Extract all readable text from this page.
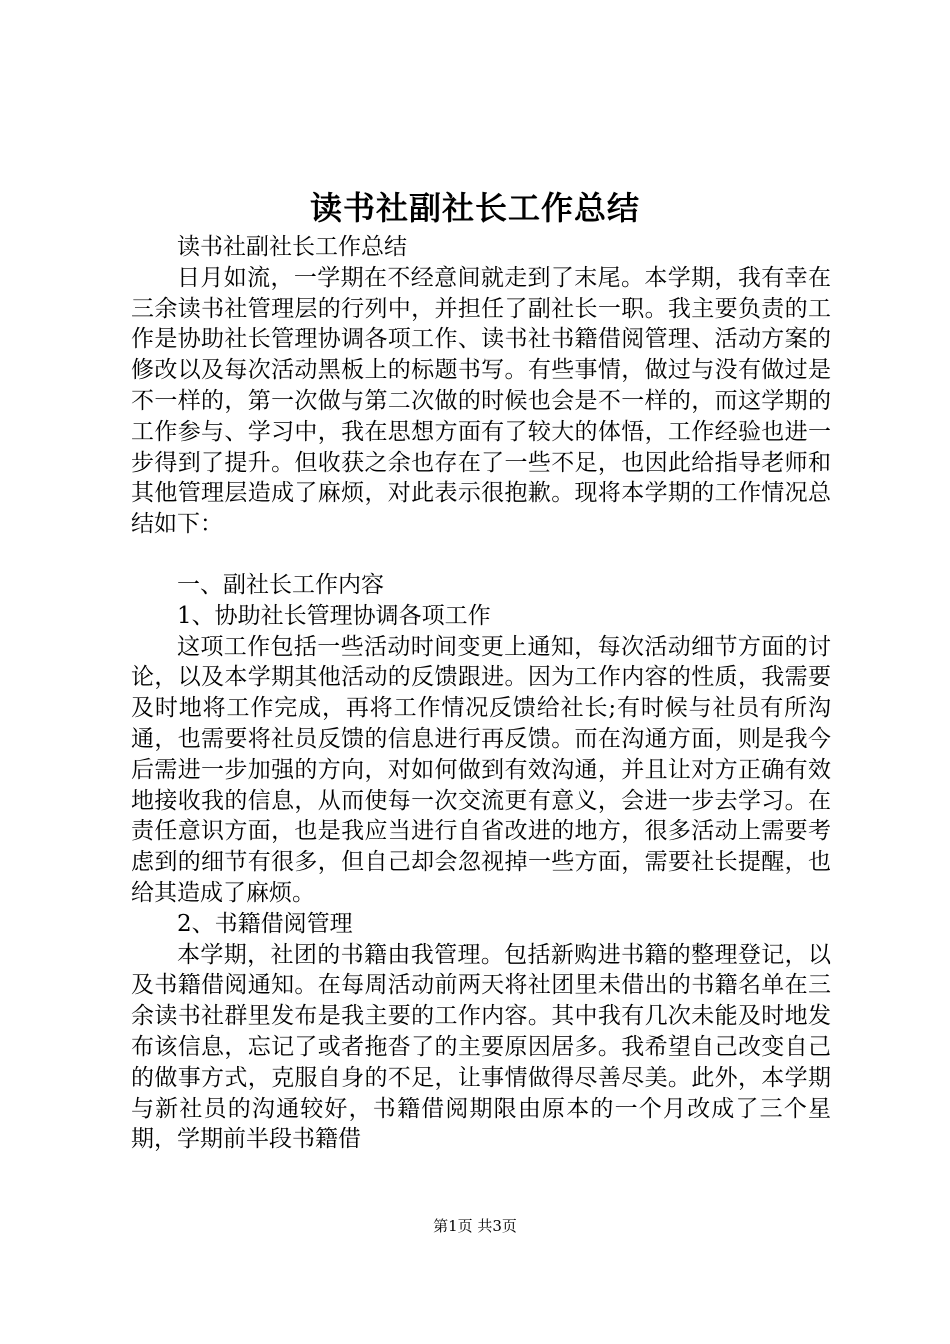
读书社副社长工作总结

读书社副社长工作总结

日月如流，一学期在不经意间就走到了末尾。本学期，我有幸在三余读书社管理层的行列中，并担任了副社长一职。我主要负责的工作是协助社长管理协调各项工作、读书社书籍借阅管理、活动方案的修改以及每次活动黑板上的标题书写。有些事情，做过与没有做过是不一样的，第一次做与第二次做的时候也会是不一样的，而这学期的工作参与、学习中，我在思想方面有了较大的体悟，工作经验也进一步得到了提升。但收获之余也存在了一些不足，也因此给指导老师和其他管理层造成了麻烦，对此表示很抱歉。现将本学期的工作情况总结如下：

一、副社长工作内容

1、协助社长管理协调各项工作

这项工作包括一些活动时间变更上通知，每次活动细节方面的讨论，以及本学期其他活动的反馈跟进。因为工作内容的性质，我需要及时地将工作完成，再将工作情况反馈给社长;有时候与社员有所沟通，也需要将社员反馈的信息进行再反馈。而在沟通方面，则是我今后需进一步加强的方向，对如何做到有效沟通，并且让对方正确有效地接收我的信息，从而使每一次交流更有意义，会进一步去学习。在责任意识方面，也是我应当进行自省改进的地方，很多活动上需要考虑到的细节有很多，但自己却会忽视掉一些方面，需要社长提醒，也给其造成了麻烦。

2、书籍借阅管理

本学期，社团的书籍由我管理。包括新购进书籍的整理登记，以及书籍借阅通知。在每周活动前两天将社团里未借出的书籍名单在三余读书社群里发布是我主要的工作内容。其中我有几次未能及时地发布该信息，忘记了或者拖沓了的主要原因居多。我希望自己改变自己的做事方式，克服自身的不足，让事情做得尽善尽美。此外，本学期与新社员的沟通较好，书籍借阅期限由原本的一个月改成了三个星期，学期前半段书籍借

第1页 共3页
